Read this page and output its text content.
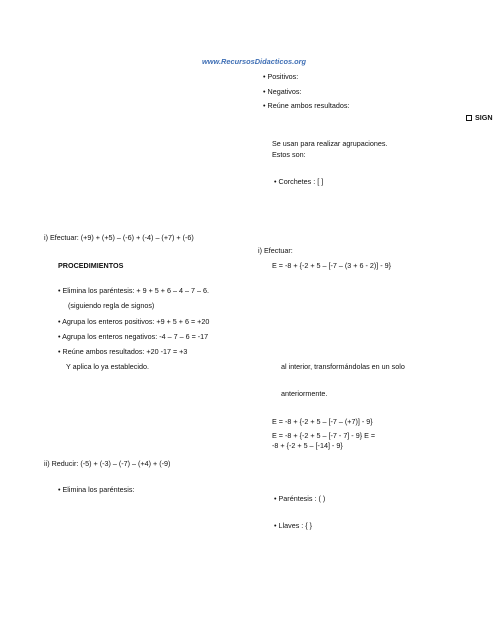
www.RecursosDidacticos.org
• Positivos:
• Negativos:
• Reúne ambos resultados:
SIGN
Se usan para realizar agrupaciones.
Estos son:
• Corchetes : [ ]
i) Efectuar: (+9) + (+5) – (-6) + (-4) – (+7) + (-6)
i) Efectuar:
PROCEDIMIENTOS	E = -8 + {-2 + 5 – [-7 – (3 + 6 - 2)] - 9}
• Elimina los paréntesis: + 9 + 5 + 6 – 4 – 7 – 6.
(siguiendo regla de signos)
• Agrupa los enteros positivos: +9 + 5 + 6 = +20
• Agrupa los enteros negativos: -4 – 7 – 6 = -17
• Reúne ambos resultados: +20 -17 = +3
Y aplica lo ya establecido.	al interior, transformándolas en un solo
anteriormente.
E = -8 + {-2 + 5 – [-7 – (+7)] - 9}
E = -8 + {-2 + 5 – [-7 - 7] - 9} E =
-8 + {-2 + 5 – [-14] - 9}
ii) Reducir: (-5) + (-3) – (-7) – (+4) + (-9)
• Elimina los paréntesis:
• Paréntesis : ( )
• Llaves : { }
